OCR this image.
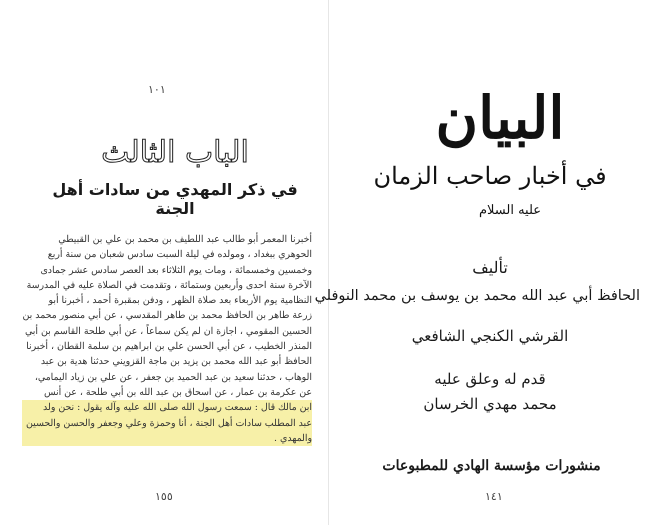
١٠١
الباب الثالث
في ذكر المهدي من سادات أهل الجنة
أخبرنا المعمر أبو طالب عبد اللطيف بن محمد بن علي بن القبيطي
الحوهري ببغداد ، ومولده في ليلة السبت سادس شعبان من سنة أربع
وخمسين وخمسمائة ، ومات يوم الثلاثاء بعد العصر سادس عشر جمادى
الآخرة سنة احدى وأربعين وستمائة ، وتقدمت في الصلاة عليه في المدرسة
النظامية يوم الأربعاء بعد صلاة الظهر ، ودفن بمقبرة أحمد ، أخبرنا أبو
زرعة طاهر بن الحافظ محمد بن طاهر المقدسي ، عن أبي منصور محمد بن
الحسين المقومي ، اجازة ان لم يكن سماعاً ، عن أبي طلحة القاسم بن أبي
المنذر الخطيب ، عن أبي الحسن علي بن ابراهيم بن سلمة القطان ، أخبرنا
الحافظ أبو عبد الله محمد بن يزيد بن ماجة القزويني حدثنا هدية بن عبد
الوهاب ، حدثنا سعيد بن عبد الحميد بن جعفر ، عن علي بن زياد اليمامي،
عن عكرمة بن عمار ، عن اسحاق بن عبد الله بن أبي طلحة ، عن أنس
ابن مالك قال : سمعت رسول الله صلى الله عليه وآله يقول : نحن ولد
عبد المطلب سادات أهل الجنة ، أنا وحمزة وعلي وجعفر والحسن والحسين
والمهدي .
١٥٥
البيان
في أخبار صاحب الزمان
عليه السلام
تأليف
الحافظ أبي عبد الله محمد بن يوسف بن محمد النوفلي
القرشي الكنجي الشافعي
قدم له وعلق عليه
محمد مهدي الخرسان
منشورات مؤسسة الهادي للمطبوعات
١٤١
